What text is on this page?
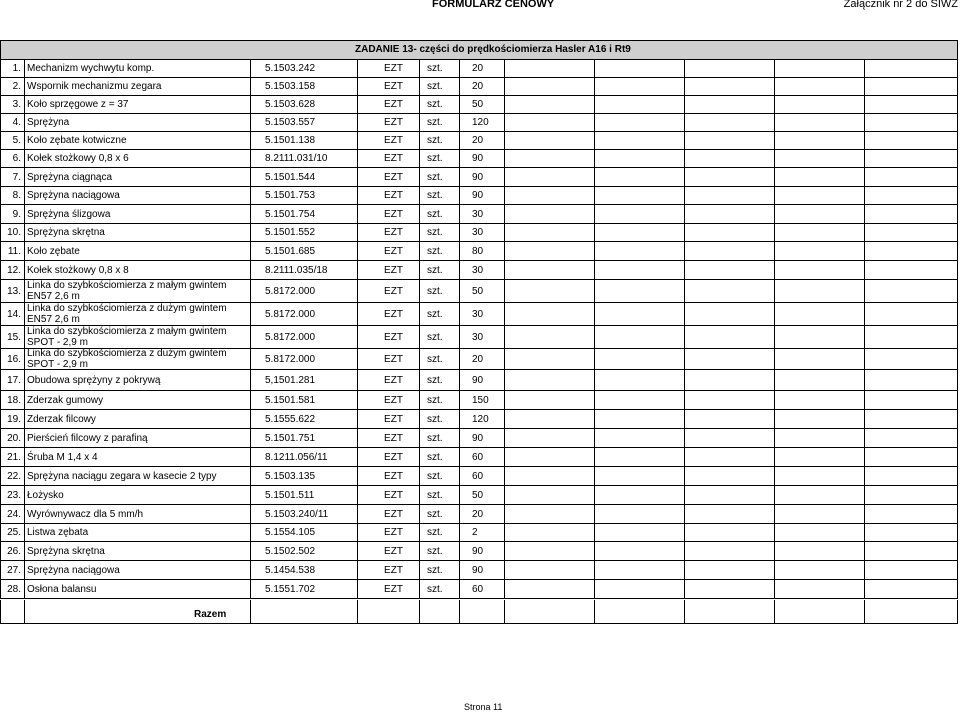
FORMULARZ CENOWY	Załącznik nr 2 do SIWZ
ZADANIE 13- części do prędkościomierza Hasler A16 i Rt9
1. Mechanizm wychwytu komp.	5.1503.242	EZT szt.	20
2. Wspornik mechanizmu zegara	5.1503.158	EZT szt.	20
3. Koło sprzęgowe z = 37	5.1503.628	EZT szt.	50
4. Sprężyna	5.1503.557	EZT szt.	120
5. Koło zębate kotwiczne	5.1501.138	EZT szt.	20
6. Kołek stożkowy 0,8 x 6	8.2111.031/10	EZT szt.	90
7. Sprężyna ciągnąca	5.1501.544	EZT szt.	90
8. Sprężyna naciągowa	5.1501.753	EZT szt.	90
9. Sprężyna ślizgowa	5.1501.754	EZT szt.	30
10. Sprężyna skrętna	5.1501.552	EZT szt.	30
11. Koło zębate	5.1501.685	EZT szt.	80
12. Kołek stożkowy 0,8 x 8	8.2111.035/18	EZT szt.	30
13. Linka do szybkościomierza z małym gwintem
EN57 2,6 m	5.8172.000	EZT szt.	50
14. Linka do szybkościomierza z dużym gwintem
EN57 2,6 m	5.8172.000	EZT szt.	30
15. Linka do szybkościomierza z małym gwintem
SPOT - 2,9 m	5.8172.000	EZT szt.	30
16. Linka do szybkościomierza z dużym gwintem
SPOT - 2,9 m	5.8172.000	EZT szt.	20
17. Obudowa sprężyny z pokrywą	5,1501.281	EZT szt.	90
18. Zderzak gumowy	5.1501.581	EZT szt.	150
19. Zderzak filcowy	5.1555.622	EZT szt.	120
20. Pierścień filcowy z parafiną	5.1501.751	EZT szt.	90
21. Śruba M 1,4 x 4	8.1211.056/11	EZT szt.	60
22. Sprężyna naciągu zegara w kasecie 2 typy	5.1503.135	EZT szt.	60
23. Łożysko	5.1501.511	EZT szt.	50
24. Wyrównywacz dla 5 mm/h	5.1503.240/11	EZT szt.	20
25. Listwa zębata	5.1554.105	EZT szt.	2
26. Sprężyna skrętna	5.1502.502	EZT szt.	90
27. Sprężyna naciągowa	5.1454.538	EZT szt.	90
28. Osłona balansu	5.1551.702	EZT szt.	60
Razem
Strona 11
